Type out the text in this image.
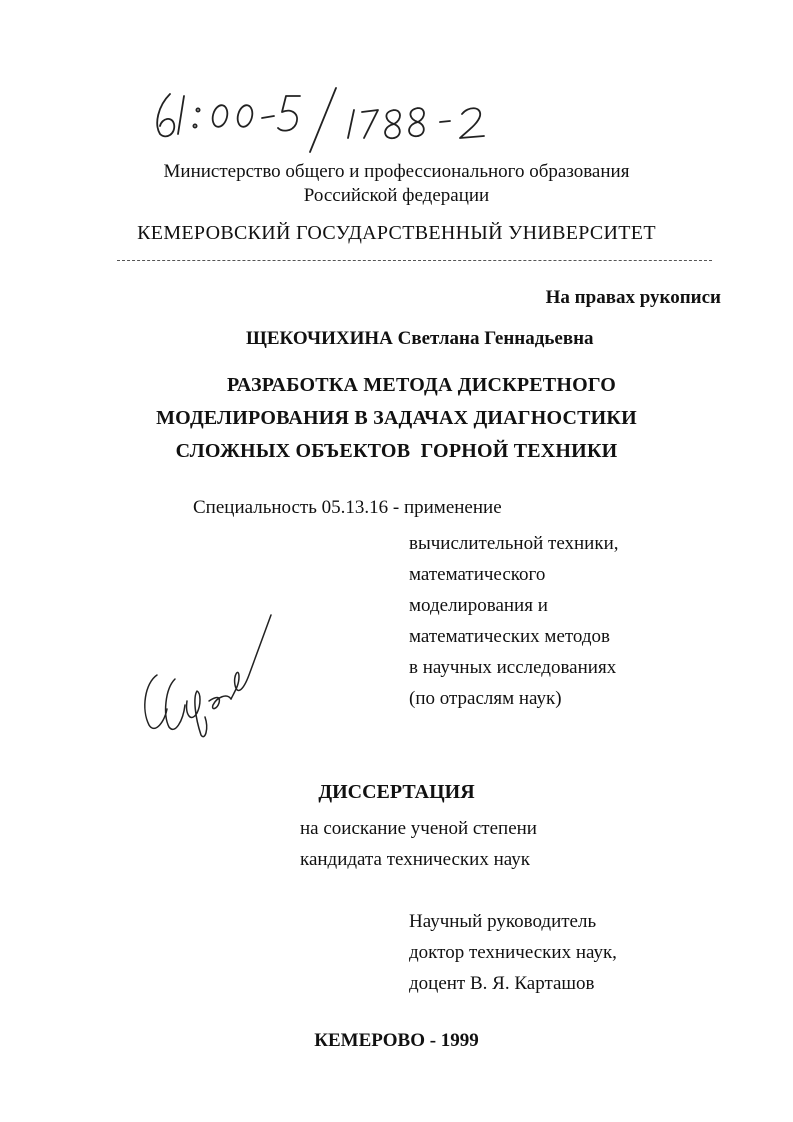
61:00-5/1788-2
Министерство общего и профессионального образования
Российской федерации
КЕМЕРОВСКИЙ ГОСУДАРСТВЕННЫЙ УНИВЕРСИТЕТ
На правах рукописи
ЩЕКОЧИХИНА Светлана Геннадьевна
РАЗРАБОТКА МЕТОДА ДИСКРЕТНОГО
МОДЕЛИРОВАНИЯ В ЗАДАЧАХ ДИАГНОСТИКИ
СЛОЖНЫХ ОБЪЕКТОВ  ГОРНОЙ ТЕХНИКИ
Специальность 05.13.16 - применение
вычислительной техники,
математического
моделирования и
математических методов
в научных исследованиях
(по отраслям наук)
ДИССЕРТАЦИЯ
на соискание ученой степени
кандидата технических наук
Научный руководитель
доктор технических наук,
доцент В. Я. Карташов
КЕМЕРОВО - 1999
